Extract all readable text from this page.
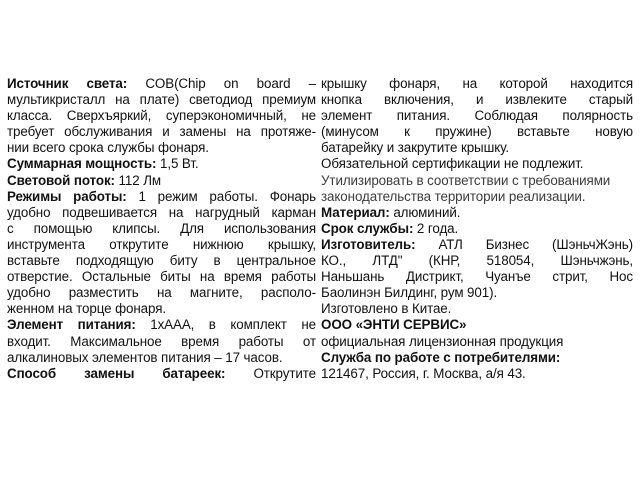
Источник света: COB(Chip on board –
мультикристалл на плате) светодиод премиум
класса. Сверхъяркий, суперэкономичный, не
требует обслуживания и замены на протяже-
нии всего срока службы фонаря.
Суммарная мощность: 1,5 Вт.
Световой поток: 112 Лм
Режимы работы: 1 режим работы. Фонарь
удобно подвешивается на нагрудный карман
с помощью клипсы. Для использования
инструмента открутите нижнюю крышку,
вставьте подходящую биту в центральное
отверстие. Остальные биты на время работы
удобно разместить на магните, располо-
женном на торце фонаря.
Элемент питания: 1хААА, в комплект не
входит. Максимальное время работы от
алкалиновых элементов питания – 17 часов.
Способ замены батареек: Открутите
крышку фонаря, на которой находится
кнопка включения, и извлеките старый
элемент питания. Соблюдая полярность
(минусом к пружине) вставьте новую
батарейку и закрутите крышку.
Обязательной сертификации не подлежит.
Утилизировать в соответствии с требованиями
законодательства территории реализации.
Материал: алюминий.
Срок службы: 2 года.
Изготовитель: АТЛ Бизнес (ШэньчЖэнь)
КО., ЛТД" (КНР, 518054, Шэньчжэнь,
Наньшань Дистрикт, Чуанъе стрит, Нос
Баолинэн Билдинг, рум 901).
Изготовлено в Китае.
ООО «ЭНТИ СЕРВИС»
официальная лицензионная продукция
Служба по работе с потребителями:
121467, Россия, г. Москва, а/я 43.
